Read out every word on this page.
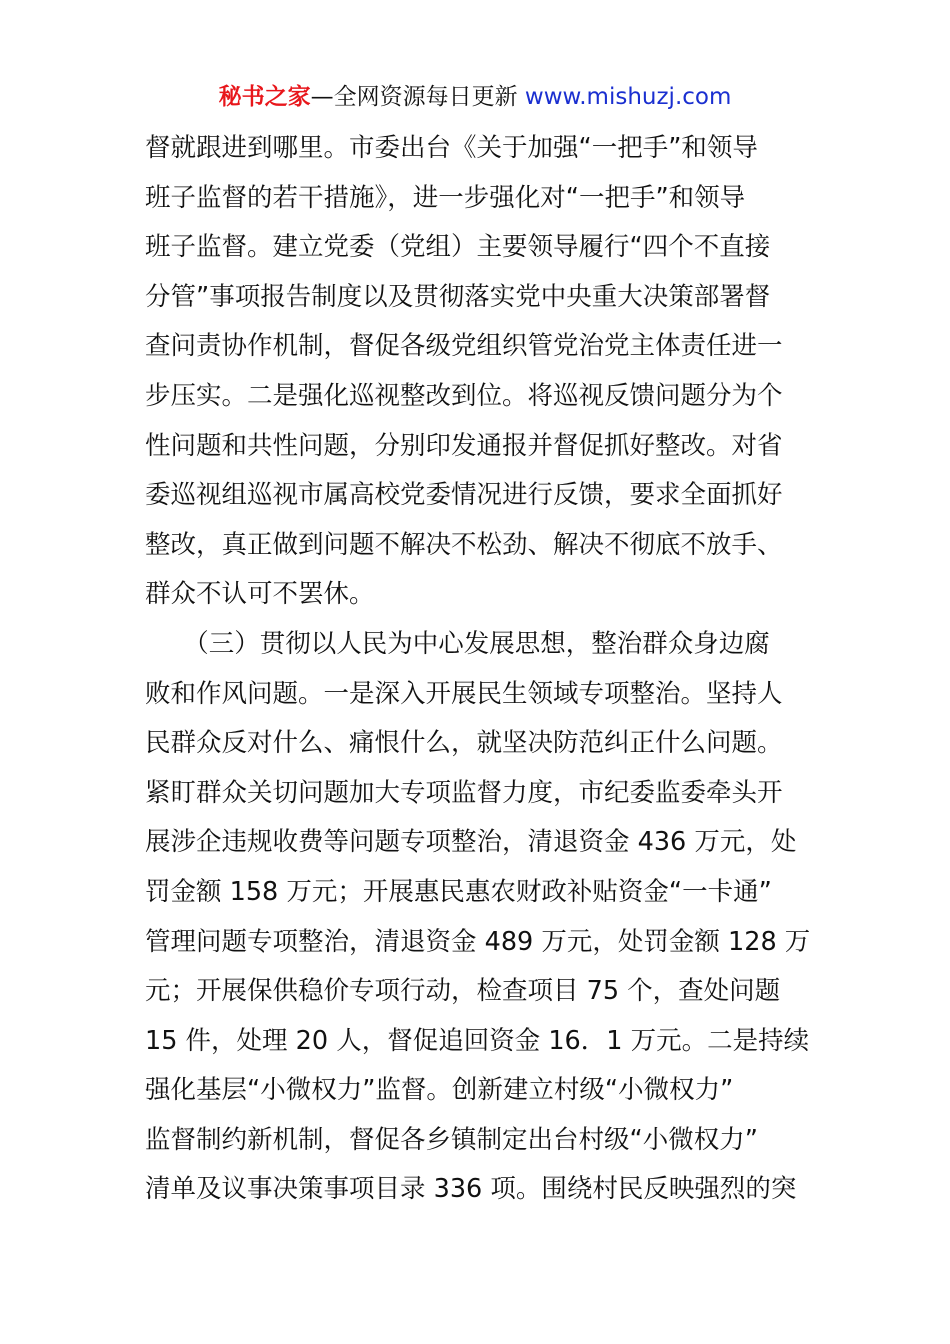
秘书之家—全网资源每日更新 www.mishuzj.com
督就跟进到哪里。市委出台《关于加强“一把手”和领导
班子监督的若干措施》，进一步强化对“一把手”和领导
班子监督。建立党委（党组）主要领导履行“四个不直接
分管”事项报告制度以及贯彻落实党中央重大决策部署督
查问责协作机制，督促各级党组织管党治党主体责任进一
步压实。二是强化巡视整改到位。将巡视反馈问题分为个
性问题和共性问题，分别印发通报并督促抓好整改。对省
委巡视组巡视市属高校党委情况进行反馈，要求全面抓好
整改，真正做到问题不解决不松劲、解决不彻底不放手、
群众不认可不罢休。
　　（三）贯彻以人民为中心发展思想，整治群众身边腐
败和作风问题。一是深入开展民生领域专项整治。坚持人
民群众反对什么、痛恨什么，就坚决防范纠正什么问题。
紧盯群众关切问题加大专项监督力度，市纪委监委牵头开
展涉企违规收费等问题专项整治，清退资金 436 万元，处
罚金额 158 万元；开展惠民惠农财政补贴资金“一卡通”
管理问题专项整治，清退资金 489 万元，处罚金额 128 万
元；开展保供稳价专项行动，检查项目 75 个，查处问题
15 件，处理 20 人，督促追回资金 16．1 万元。二是持续
强化基层“小微权力”监督。创新建立村级“小微权力”
监督制约新机制，督促各乡镇制定出台村级“小微权力”
清单及议事决策事项目录 336 项。围绕村民反映强烈的突
